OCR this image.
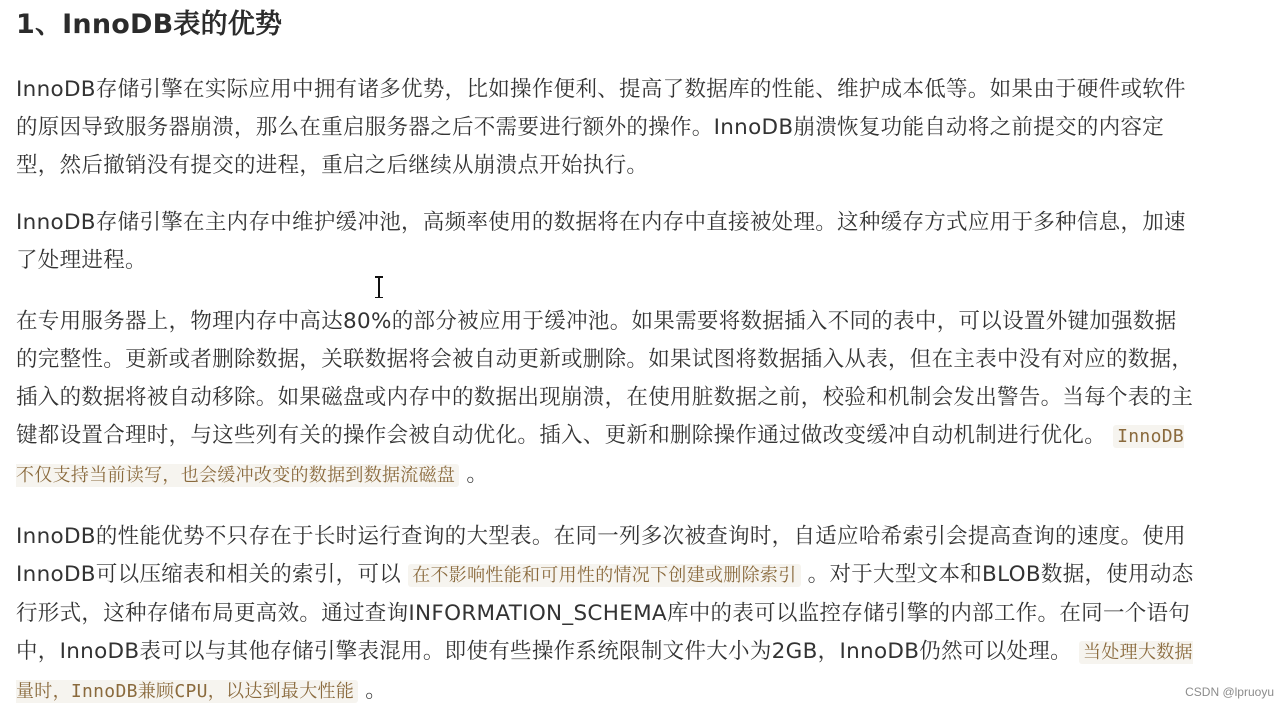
1、InnoDB表的优势

InnoDB存储引擎在实际应用中拥有诸多优势，比如操作便利、提高了数据库的性能、维护成本低等。如果由于硬件或软件的原因导致服务器崩溃，那么在重启服务器之后不需要进行额外的操作。InnoDB崩溃恢复功能自动将之前提交的内容定型，然后撤销没有提交的进程，重启之后继续从崩溃点开始执行。

InnoDB存储引擎在主内存中维护缓冲池，高频率使用的数据将在内存中直接被处理。这种缓存方式应用于多种信息，加速了处理进程。

在专用服务器上，物理内存中高达80%的部分被应用于缓冲池。如果需要将数据插入不同的表中，可以设置外键加强数据的完整性。更新或者删除数据，关联数据将会被自动更新或删除。如果试图将数据插入从表，但在主表中没有对应的数据，插入的数据将被自动移除。如果磁盘或内存中的数据出现崩溃，在使用脏数据之前，校验和机制会发出警告。当每个表的主键都设置合理时，与这些列有关的操作会被自动优化。插入、更新和删除操作通过做改变缓冲自动机制进行优化。 InnoDB不仅支持当前读写，也会缓冲改变的数据到数据流磁盘 。

InnoDB的性能优势不只存在于长时运行查询的大型表。在同一列多次被查询时，自适应哈希索引会提高查询的速度。使用InnoDB可以压缩表和相关的索引，可以 在不影响性能和可用性的情况下创建或删除索引 。对于大型文本和BLOB数据，使用动态行形式，这种存储布局更高效。通过查询INFORMATION_SCHEMA库中的表可以监控存储引擎的内部工作。在同一个语句中，InnoDB表可以与其他存储引擎表混用。即使有些操作系统限制文件大小为2GB，InnoDB仍然可以处理。 当处理大数据量时，InnoDB兼顾CPU，以达到最大性能 。	CSDN @lpruoyu
